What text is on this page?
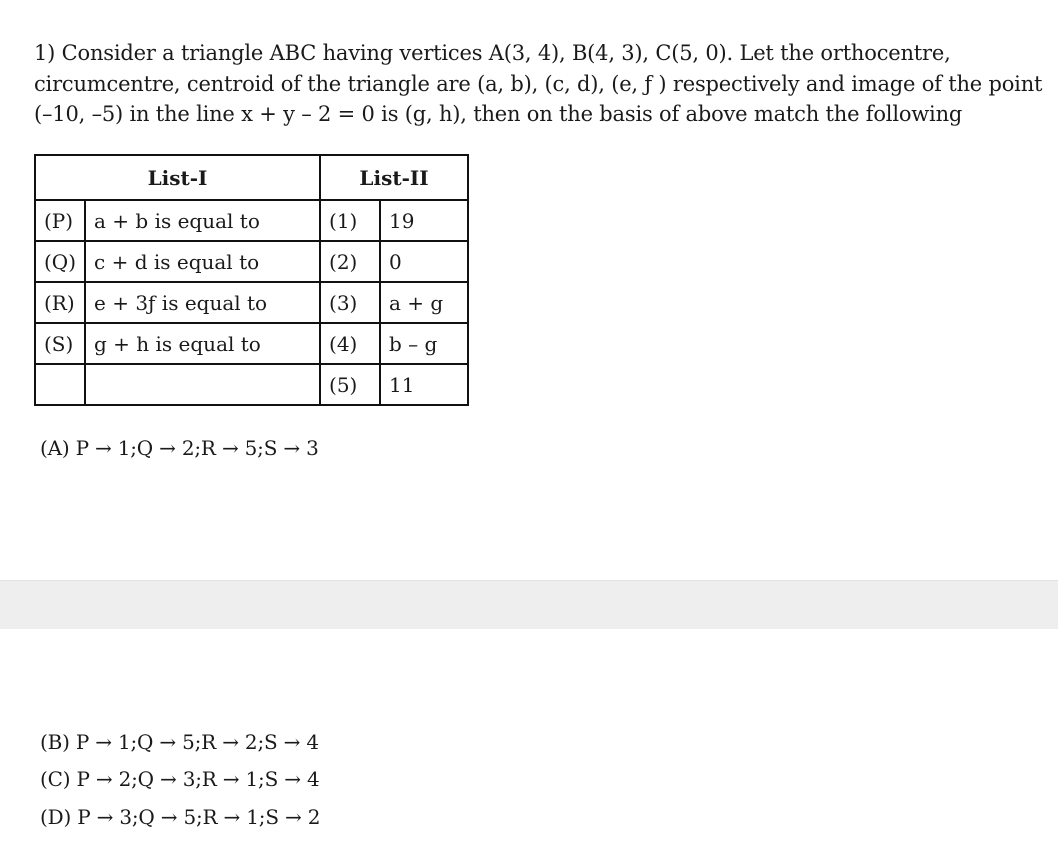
1) Consider a triangle ABC having vertices A(3, 4), B(4, 3), C(5, 0). Let the orthocentre, circumcentre, centroid of the triangle are (a, b), (c, d), (e, ƒ ) respectively and image of the point (–10, –5) in the line x + y – 2 = 0 is (g, h), then on the basis of above match the following
List-I		List-II	
(P)	a + b is equal to	(1)	19
(Q)	c + d is equal to	(2)	0
(R)	e + 3ƒ is equal to	(3)	a + g
(S)	g + h is equal to	(4)	b – g
		(5)	11
(A) P → 1;Q → 2;R → 5;S → 3
(B) P → 1;Q → 5;R → 2;S → 4
(C) P → 2;Q → 3;R → 1;S → 4
(D) P → 3;Q → 5;R → 1;S → 2
